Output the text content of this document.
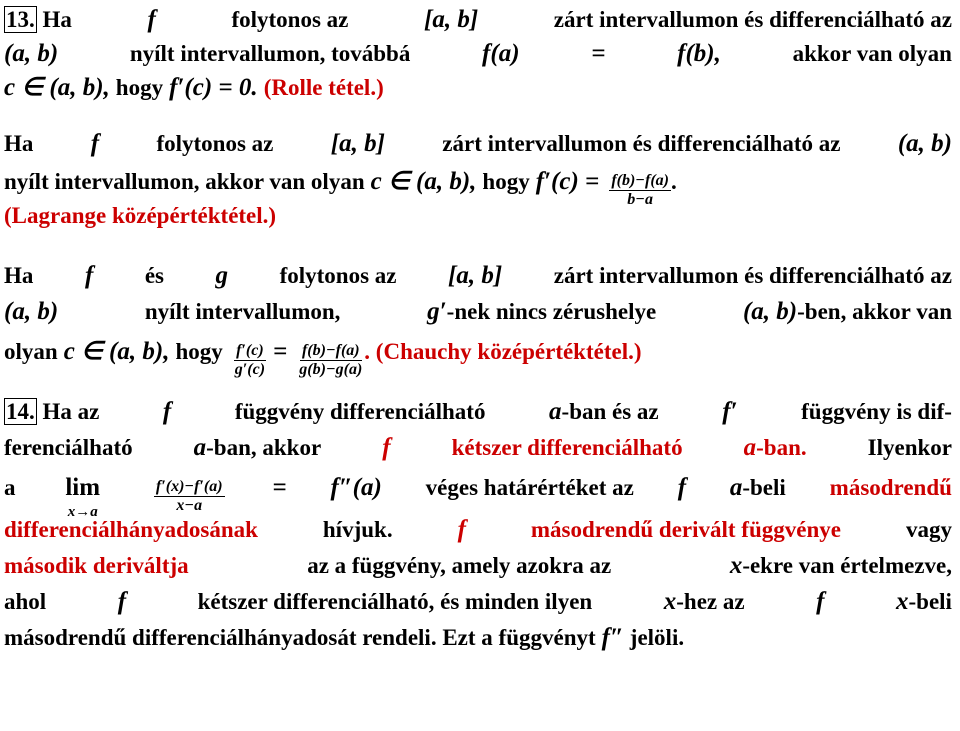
13. Ha	f	folytonos az	[a, b]	zárt intervallumon és differenciálható az
(a, b)	nyílt intervallumon, továbbá	f(a)	=	f(b),	akkor van olyan
c ∈ (a, b), hogy f′(c) = 0. (Rolle tétel.)
Ha f folytonos az [a, b] zárt intervallumon és differenciálható az (a, b)
nyílt intervallumon, akkor van olyan c ∈ (a, b), hogy $f'(c) = \frac{f(b)-f(a)}{b-a}$ .
(Lagrange középértéktétel.)
Ha f és g folytonos az [a, b] zárt intervallumon és differenciálható az
(a, b)	nyílt intervallumon,	g′-nek nincs zérushelye	(a, b)-ben, akkor van
olyan c ∈ (a, b), hogy $\frac{f'(c)}{g'(c)} = \frac{f(b)-f(a)}{g(b)-g(a)}$ . (Chauchy középértéktétel.)
14. Ha az	f	függvény differenciálható	a-ban és az	f′	függvény is dif-
ferenciálható a-ban, akkor f	kétszer differenciálható a-ban.	Ilyenkor
a lim
x→a	$\frac{f'(x)-f'(a)}{x-a} = f''(a)$ véges határértéket az f a-beli másodrendű
differenciálhányadosának	hívjuk.	f	másodrendű derivált függvénye	vagy
második deriváltja	az a függvény, amely azokra az	x-ekre van értelmezve,
ahol	f	kétszer differenciálható, és minden ilyen	x-hez az	f	x-beli
másodrendű differenciálhányadosát rendeli. Ezt a függvényt f″ jelöli.
First Prev Next Last Go Back Full Screen Close Quit
